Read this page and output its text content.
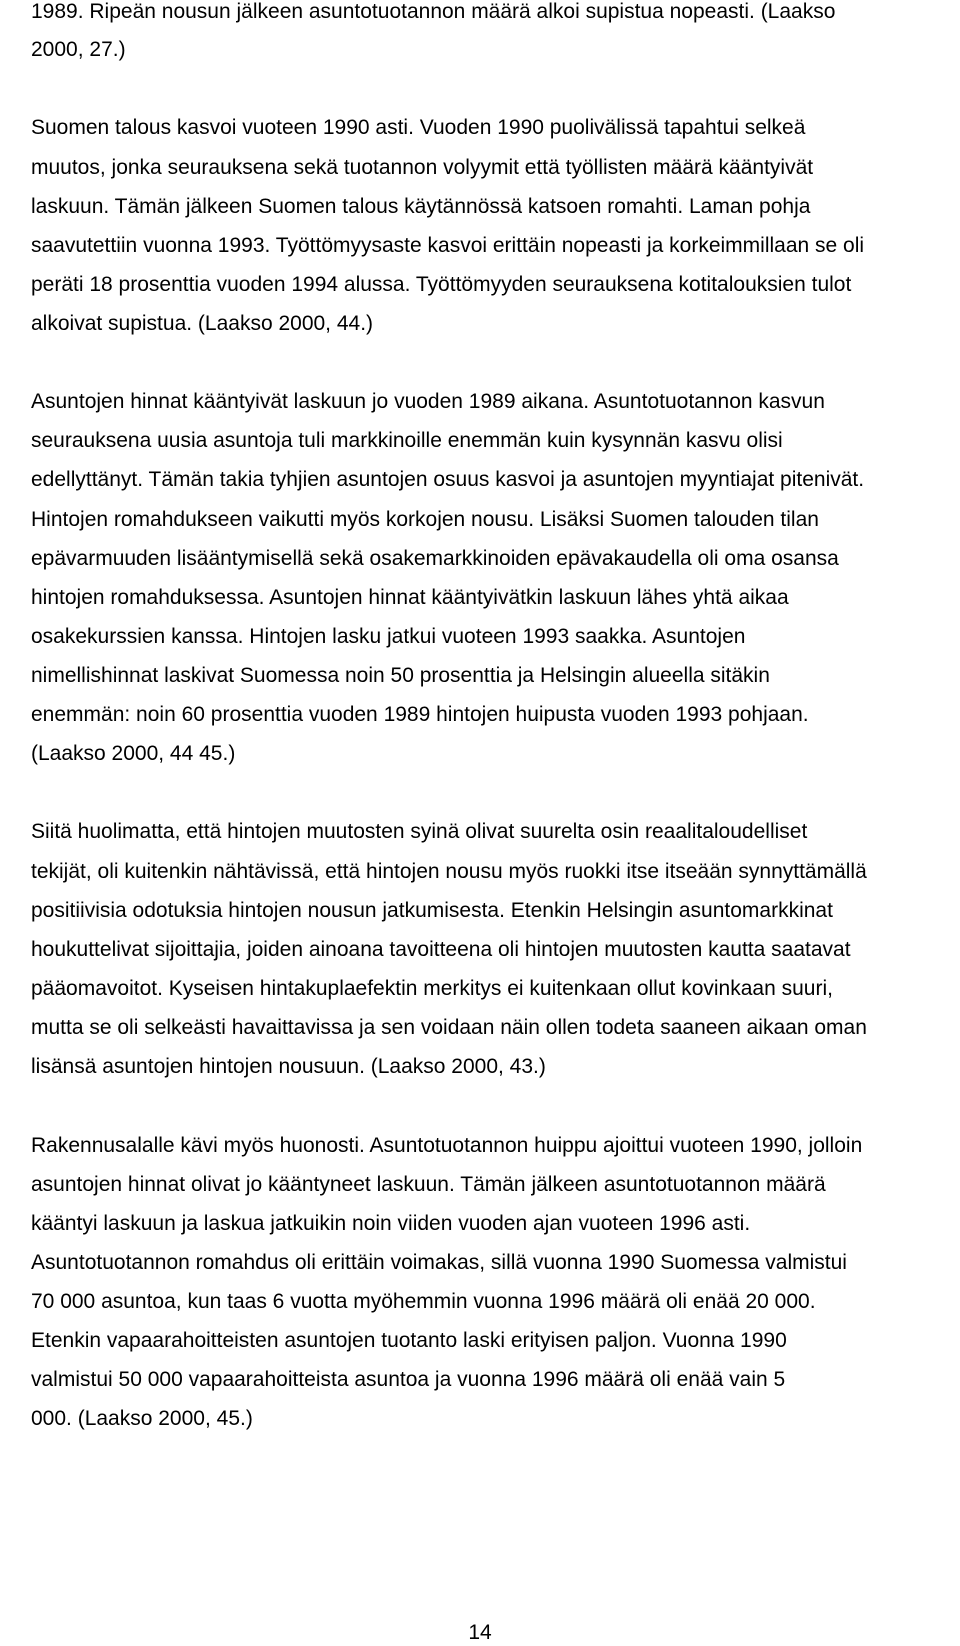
1989. Ripeän nousun jälkeen asuntotuotannon määrä alkoi supistua nopeasti. (Laakso
2000, 27.)
Suomen talous kasvoi vuoteen 1990 asti. Vuoden 1990 puolivälissä tapahtui selkeä
muutos, jonka seurauksena sekä tuotannon volyymit että työllisten määrä kääntyivät
laskuun. Tämän jälkeen Suomen talous käytännössä katsoen romahti. Laman pohja
saavutettiin vuonna 1993. Työttömyysaste kasvoi erittäin nopeasti ja korkeimmillaan se oli
peräti 18 prosenttia vuoden 1994 alussa. Työttömyyden seurauksena kotitalouksien tulot
alkoivat supistua. (Laakso 2000, 44.)
Asuntojen hinnat kääntyivät laskuun jo vuoden 1989 aikana. Asuntotuotannon kasvun
seurauksena uusia asuntoja tuli markkinoille enemmän kuin kysynnän kasvu olisi
edellyttänyt. Tämän takia tyhjien asuntojen osuus kasvoi ja asuntojen myyntiajat pitenivät.
Hintojen romahdukseen vaikutti myös korkojen nousu. Lisäksi Suomen talouden tilan
epävarmuuden lisääntymisellä sekä osakemarkkinoiden epävakaudella oli oma osansa
hintojen romahduksessa. Asuntojen hinnat kääntyivätkin laskuun lähes yhtä aikaa
osakekurssien kanssa. Hintojen lasku jatkui vuoteen 1993 saakka. Asuntojen
nimellishinnat laskivat Suomessa noin 50 prosenttia ja Helsingin alueella sitäkin
enemmän: noin 60 prosenttia vuoden 1989 hintojen huipusta vuoden 1993 pohjaan.
(Laakso 2000, 44 45.)
Siitä huolimatta, että hintojen muutosten syinä olivat suurelta osin reaalitaloudelliset
tekijät, oli kuitenkin nähtävissä, että hintojen nousu myös ruokki itse itseään synnyttämällä
positiivisia odotuksia hintojen nousun jatkumisesta. Etenkin Helsingin asuntomarkkinat
houkuttelivat sijoittajia, joiden ainoana tavoitteena oli hintojen muutosten kautta saatavat
pääomavoitot. Kyseisen hintakuplaefektin merkitys ei kuitenkaan ollut kovinkaan suuri,
mutta se oli selkeästi havaittavissa ja sen voidaan näin ollen todeta saaneen aikaan oman
lisänsä asuntojen hintojen nousuun. (Laakso 2000, 43.)
Rakennusalalle kävi myös huonosti. Asuntotuotannon huippu ajoittui vuoteen 1990, jolloin
asuntojen hinnat olivat jo kääntyneet laskuun. Tämän jälkeen asuntotuotannon määrä
kääntyi laskuun ja laskua jatkuikin noin viiden vuoden ajan vuoteen 1996 asti.
Asuntotuotannon romahdus oli erittäin voimakas, sillä vuonna 1990 Suomessa valmistui
70 000 asuntoa, kun taas 6 vuotta myöhemmin vuonna 1996 määrä oli enää 20 000.
Etenkin vapaarahoitteisten asuntojen tuotanto laski erityisen paljon. Vuonna 1990
valmistui 50 000 vapaarahoitteista asuntoa ja vuonna 1996 määrä oli enää vain 5
000. (Laakso 2000, 45.)
14
